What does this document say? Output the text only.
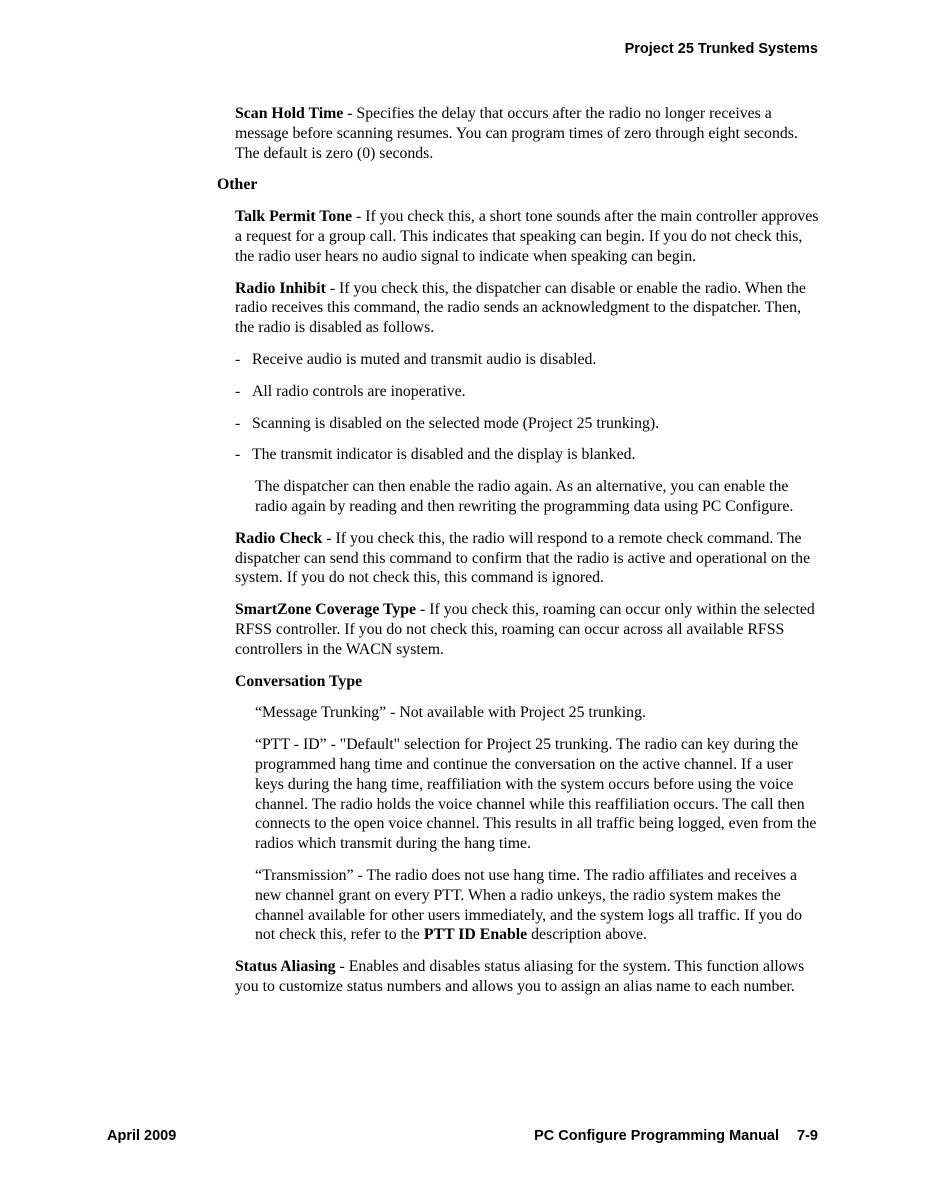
Project 25 Trunked Systems

Scan Hold Time - Specifies the delay that occurs after the radio no longer receives a message before scanning resumes. You can program times of zero through eight seconds. The default is zero (0) seconds.

Other

Talk Permit Tone - If you check this, a short tone sounds after the main controller approves a request for a group call. This indicates that speaking can begin. If you do not check this, the radio user hears no audio signal to indicate when speaking can begin.

Radio Inhibit - If you check this, the dispatcher can disable or enable the radio. When the radio receives this command, the radio sends an acknowledgment to the dispatcher. Then, the radio is disabled as follows.

- Receive audio is muted and transmit audio is disabled.
- All radio controls are inoperative.
- Scanning is disabled on the selected mode (Project 25 trunking).
- The transmit indicator is disabled and the display is blanked.

The dispatcher can then enable the radio again. As an alternative, you can enable the radio again by reading and then rewriting the programming data using PC Configure.

Radio Check - If you check this, the radio will respond to a remote check command. The dispatcher can send this command to confirm that the radio is active and operational on the system. If you do not check this, this command is ignored.

SmartZone Coverage Type - If you check this, roaming can occur only within the selected RFSS controller. If you do not check this, roaming can occur across all available RFSS controllers in the WACN system.

Conversation Type

“Message Trunking” - Not available with Project 25 trunking.

“PTT - ID” - "Default" selection for Project 25 trunking. The radio can key during the programmed hang time and continue the conversation on the active channel. If a user keys during the hang time, reaffiliation with the system occurs before using the voice channel. The radio holds the voice channel while this reaffiliation occurs. The call then connects to the open voice channel. This results in all traffic being logged, even from the radios which transmit during the hang time.

“Transmission” - The radio does not use hang time. The radio affiliates and receives a new channel grant on every PTT. When a radio unkeys, the radio system makes the channel available for other users immediately, and the system logs all traffic. If you do not check this, refer to the PTT ID Enable description above.

Status Aliasing - Enables and disables status aliasing for the system. This function allows you to customize status numbers and allows you to assign an alias name to each number.

April 2009	PC Configure Programming Manual 7-9
